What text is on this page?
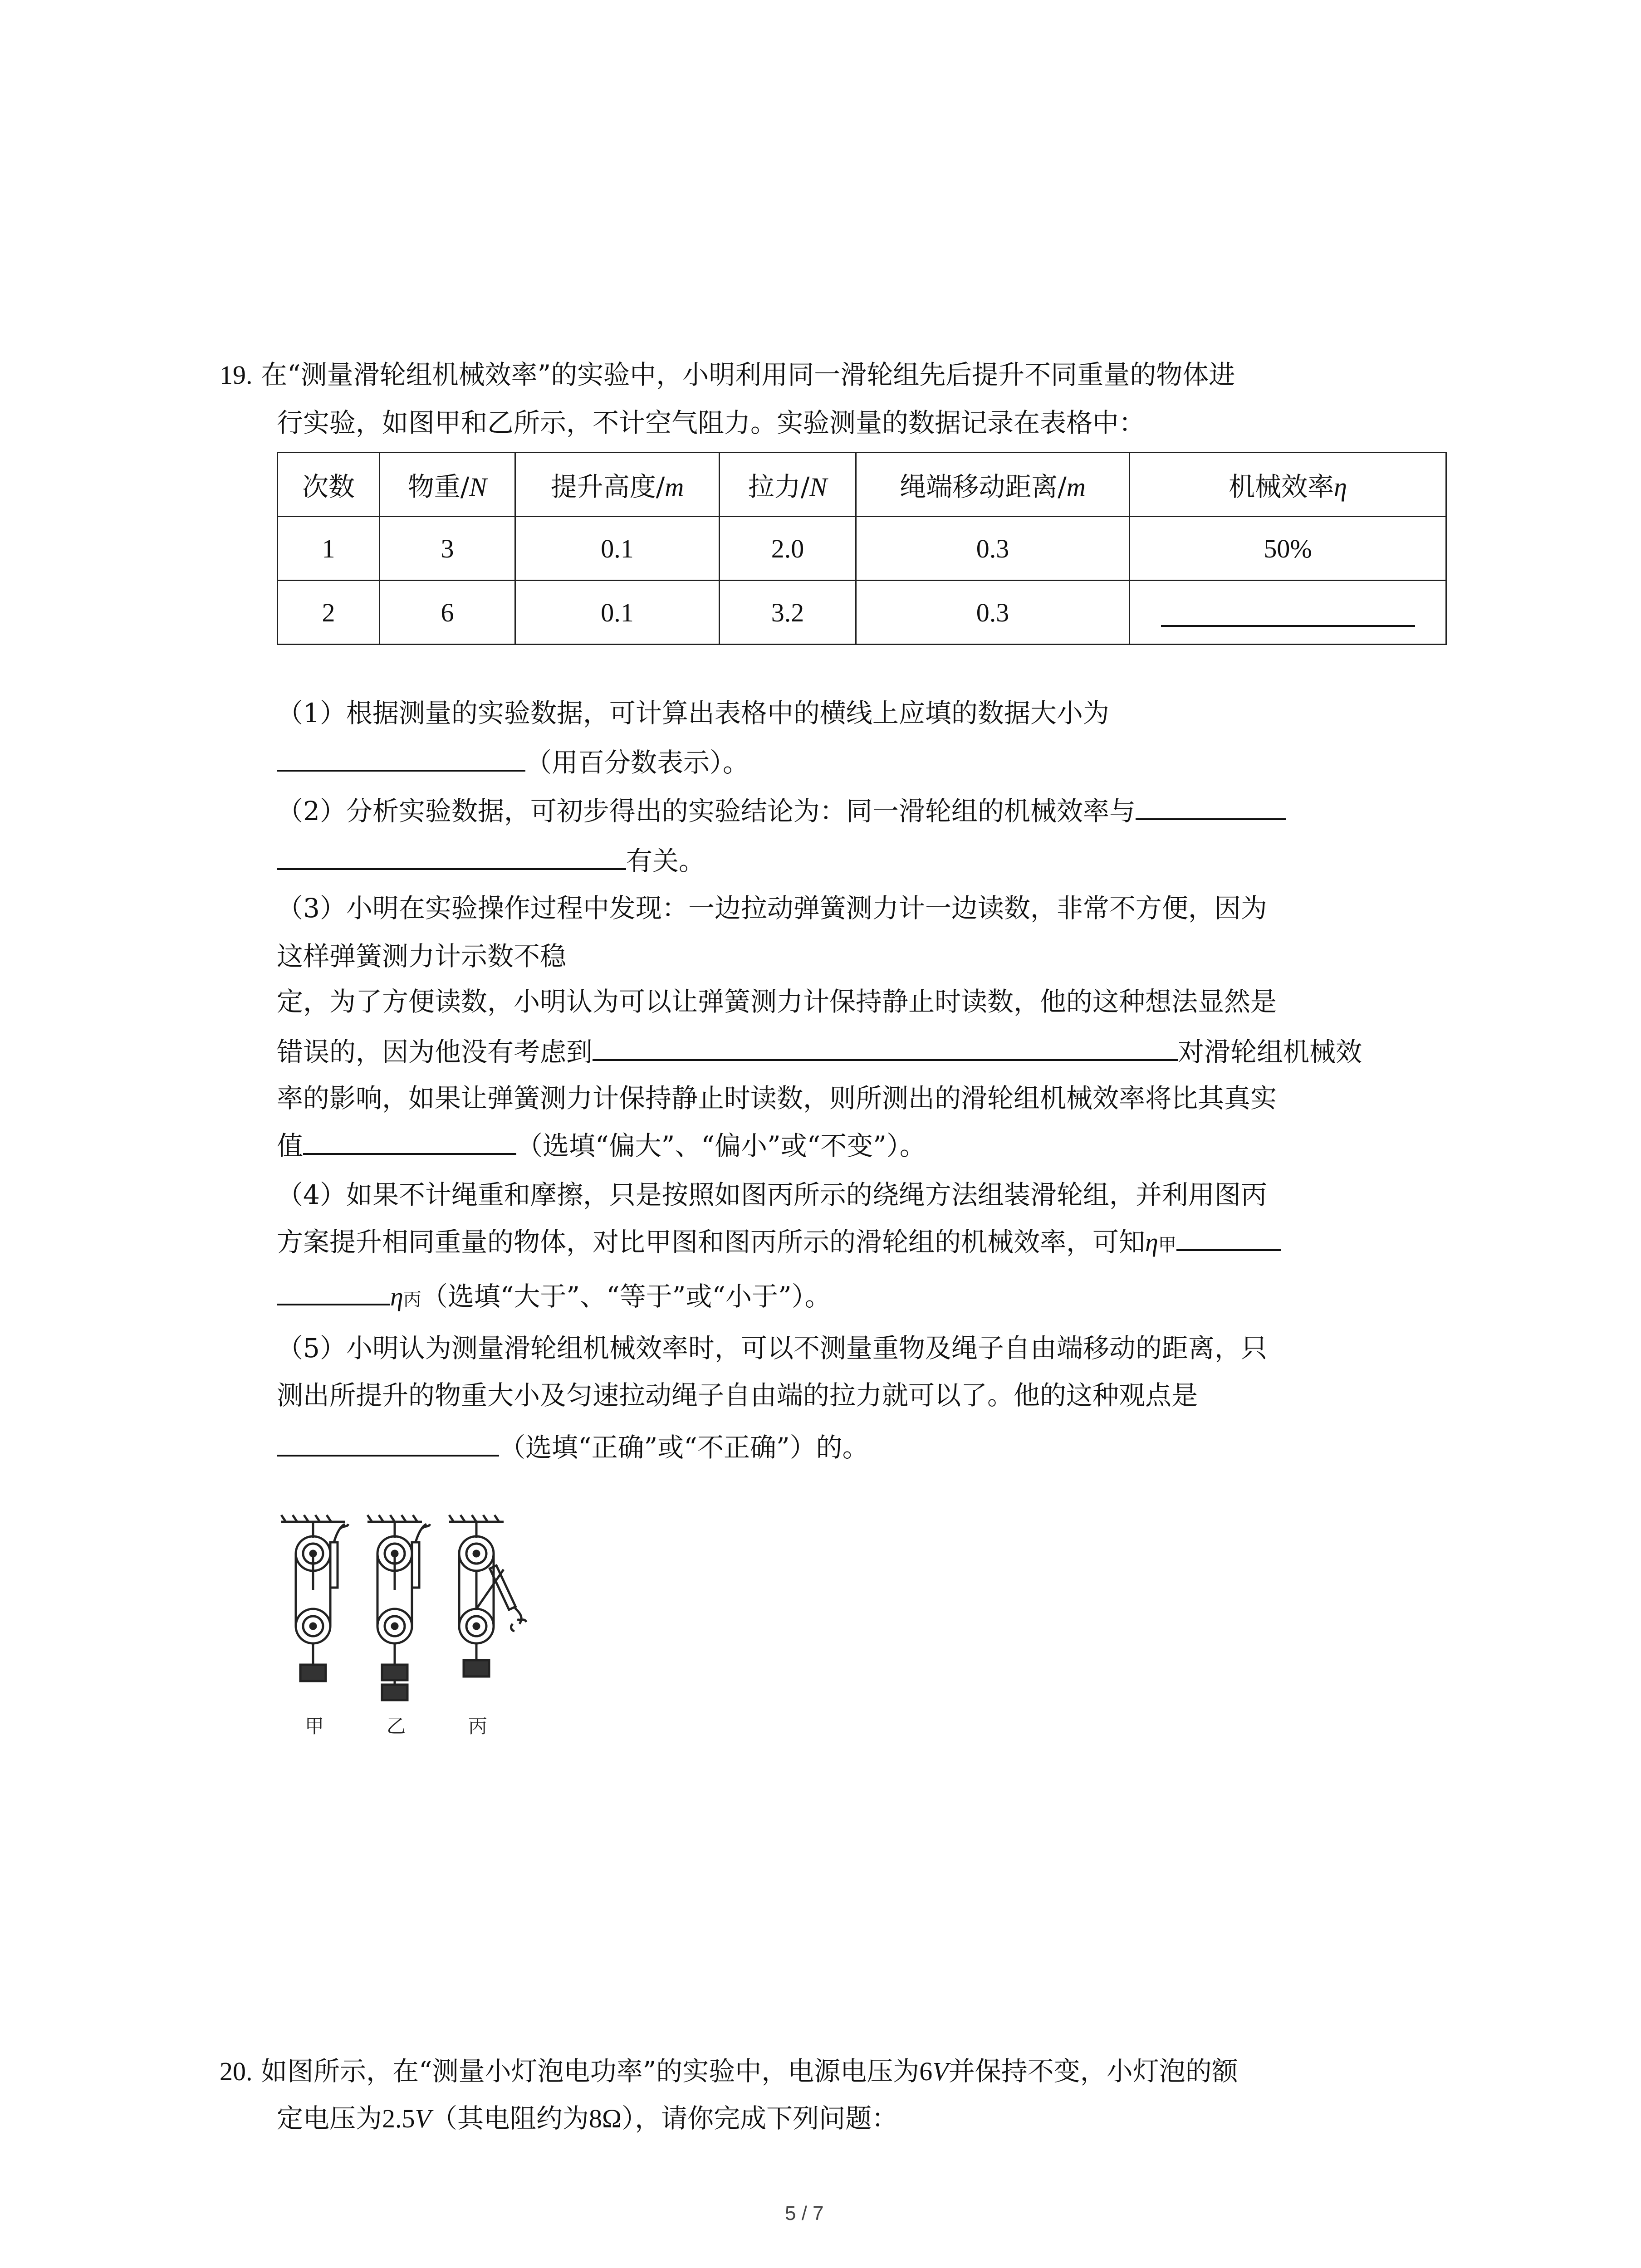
19. 在“测量滑轮组机械效率”的实验中，小明利用同一滑轮组先后提升不同重量的物体进
行实验，如图甲和乙所示，不计空气阻力。实验测量的数据记录在表格中：
次数	物重/N	提升高度/m	拉力/N	绳端移动距离/m	机械效率η
1	3	0.1	2.0	0.3	50%
2	6	0.1	3.2	0.3	
（1）根据测量的实验数据，可计算出表格中的横线上应填的数据大小为
（用百分数表示）。
（2）分析实验数据，可初步得出的实验结论为：同一滑轮组的机械效率与
有关。
（3）小明在实验操作过程中发现：一边拉动弹簧测力计一边读数，非常不方便，因为
这样弹簧测力计示数不稳
定，为了方便读数，小明认为可以让弹簧测力计保持静止时读数，他的这种想法显然是
错误的，因为他没有考虑到	对滑轮组机械效
率的影响，如果让弹簧测力计保持静止时读数，则所测出的滑轮组机械效率将比其真实
值	（选填“偏大”、“偏小”或“不变”）。
（4）如果不计绳重和摩擦，只是按照如图丙所示的绕绳方法组装滑轮组，并利用图丙
方案提升相同重量的物体，对比甲图和图丙所示的滑轮组的机械效率，可知η甲
η丙（选填“大于”、“等于”或“小于”）。
（5）小明认为测量滑轮组机械效率时，可以不测量重物及绳子自由端移动的距离，只
测出所提升的物重大小及匀速拉动绳子自由端的拉力就可以了。他的这种观点是
（选填“正确”或“不正确”）的。
甲	乙	丙
20. 如图所示，在“测量小灯泡电功率”的实验中，电源电压为6V并保持不变，小灯泡的额
定电压为2.5V（其电阻约为8Ω），请你完成下列问题：
5 / 7
